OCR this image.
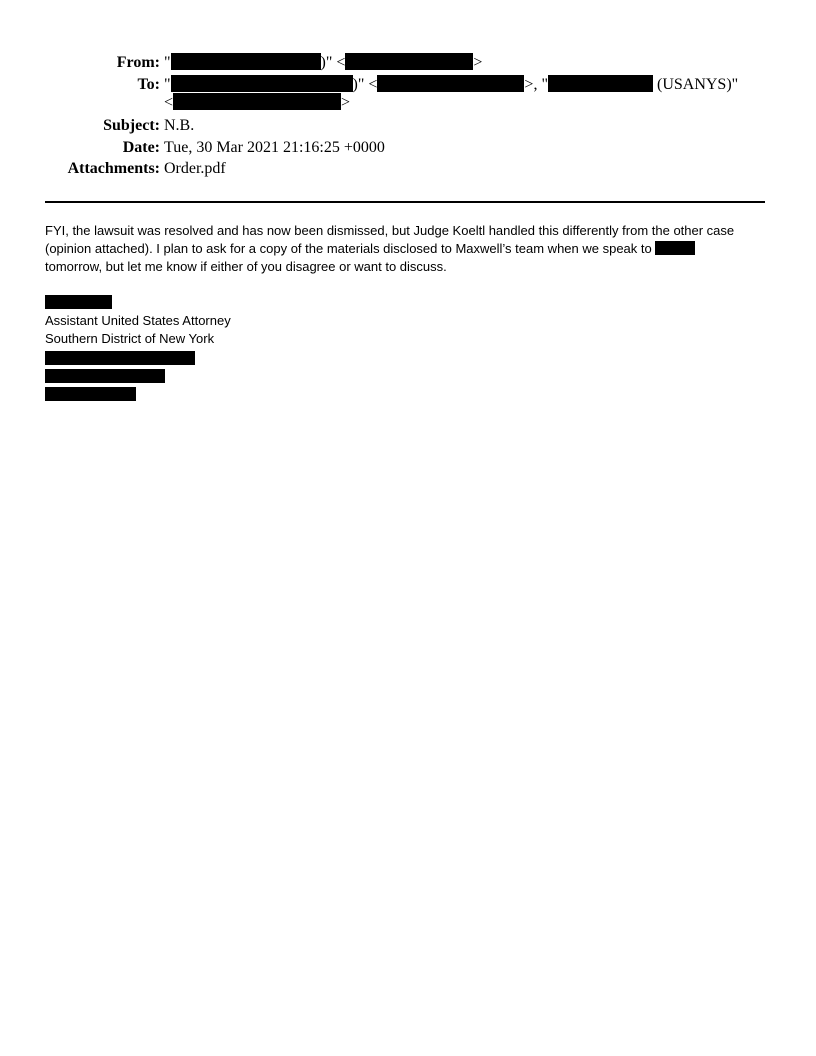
From: "	)" <	>
To: "	)" <	>, "	(USANYS)"
<	>
Subject: N.B.
Date: Tue, 30 Mar 2021 21:16:25 +0000
Attachments: Order.pdf
FYI, the lawsuit was resolved and has now been dismissed, but Judge Koeltl handled this differently from the other case
(opinion attached). I plan to ask for a copy of the materials disclosed to Maxwell’s team when we speak to
tomorrow, but let me know if either of you disagree or want to discuss.
Assistant United States Attorney
Southern District of New York
